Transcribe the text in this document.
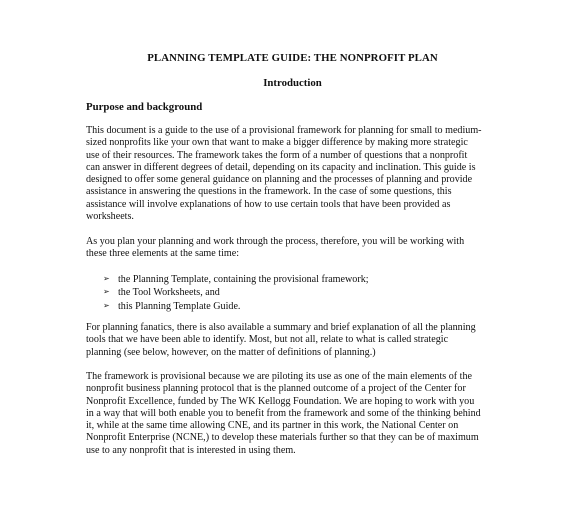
PLANNING TEMPLATE GUIDE: THE NONPROFIT PLAN
Introduction
Purpose and background
This document is a guide to the use of a provisional framework for planning for small to medium-
sized nonprofits like your own that want to make a bigger difference by making more strategic
use of their resources. The framework takes the form of a number of questions that a nonprofit
can answer in different degrees of detail, depending on its capacity and inclination. This guide is
designed to offer some general guidance on planning and the processes of planning and provide
assistance in answering the questions in the framework. In the case of some questions, this
assistance will involve explanations of how to use certain tools that have been provided as
worksheets.
As you plan your planning and work through the process, therefore, you will be working with
these three elements at the same time:
➢ the Planning Template, containing the provisional framework;
➢ the Tool Worksheets, and
➢ this Planning Template Guide.
For planning fanatics, there is also available a summary and brief explanation of all the planning
tools that we have been able to identify. Most, but not all, relate to what is called strategic
planning (see below, however, on the matter of definitions of planning.)
The framework is provisional because we are piloting its use as one of the main elements of the
nonprofit business planning protocol that is the planned outcome of a project of the Center for
Nonprofit Excellence, funded by The WK Kellogg Foundation. We are hoping to work with you
in a way that will both enable you to benefit from the framework and some of the thinking behind
it, while at the same time allowing CNE, and its partner in this work, the National Center on
Nonprofit Enterprise (NCNE,) to develop these materials further so that they can be of maximum
use to any nonprofit that is interested in using them.
